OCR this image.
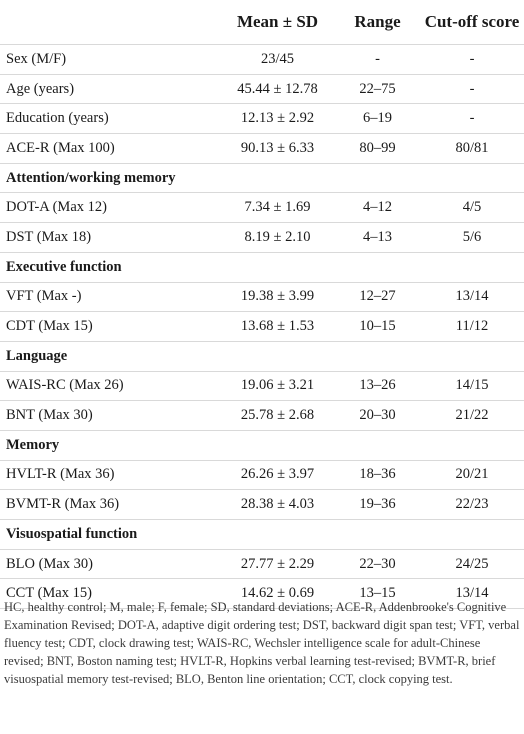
	Mean ± SD	Range	Cut-off score
Sex (M/F)	23/45	-	-
Age (years)	45.44 ± 12.78	22–75	-
Education (years)	12.13 ± 2.92	6–19	-
ACE-R (Max 100)	90.13 ± 6.33	80–99	80/81
Attention/working memory			
DOT-A (Max 12)	7.34 ± 1.69	4–12	4/5
DST (Max 18)	8.19 ± 2.10	4–13	5/6
Executive function			
VFT (Max -)	19.38 ± 3.99	12–27	13/14
CDT (Max 15)	13.68 ± 1.53	10–15	11/12
Language			
WAIS-RC (Max 26)	19.06 ± 3.21	13–26	14/15
BNT (Max 30)	25.78 ± 2.68	20–30	21/22
Memory			
HVLT-R (Max 36)	26.26 ± 3.97	18–36	20/21
BVMT-R (Max 36)	28.38 ± 4.03	19–36	22/23
Visuospatial function			
BLO (Max 30)	27.77 ± 2.29	22–30	24/25
CCT (Max 15)	14.62 ± 0.69	13–15	13/14

HC, healthy control; M, male; F, female; SD, standard deviations; ACE-R, Addenbrooke's Cognitive Examination Revised; DOT-A, adaptive digit ordering test; DST, backward digit span test; VFT, verbal fluency test; CDT, clock drawing test; WAIS-RC, Wechsler intelligence scale for adult-Chinese revised; BNT, Boston naming test; HVLT-R, Hopkins verbal learning test-revised; BVMT-R, brief visuospatial memory test-revised; BLO, Benton line orientation; CCT, clock copying test.
